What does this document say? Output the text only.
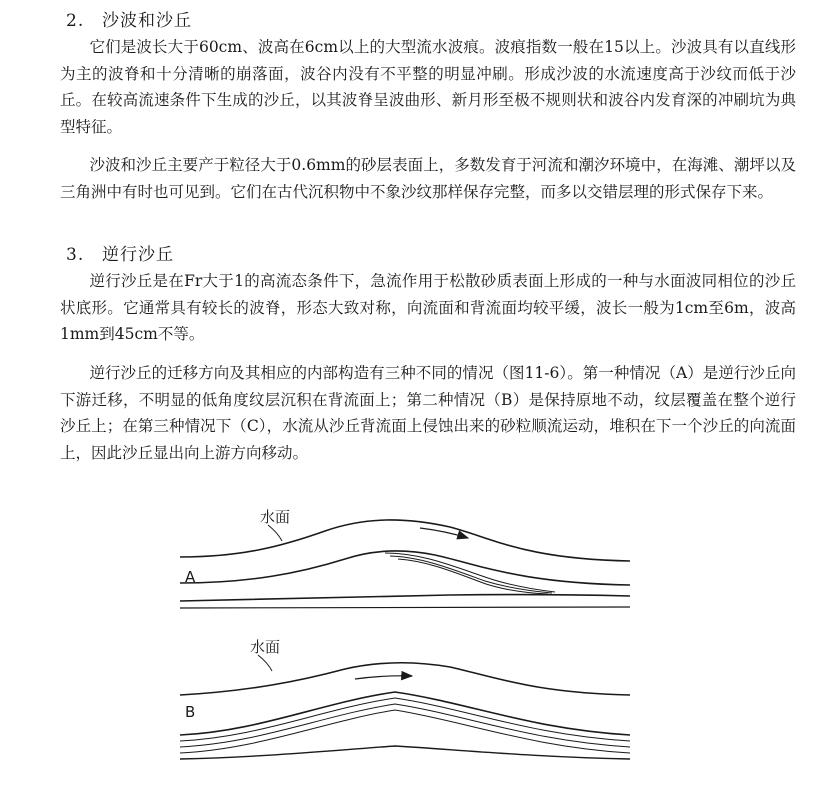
2. 沙波和沙丘

它们是波长大于60cm、波高在6cm以上的大型流水波痕。波痕指数一般在15以上。沙波具有以直线形为主的波脊和十分清晰的崩落面，波谷内没有不平整的明显冲刷。形成沙波的水流速度高于沙纹而低于沙丘。在较高流速条件下生成的沙丘，以其波脊呈波曲形、新月形至极不规则状和波谷内发育深的冲刷坑为典型特征。

沙波和沙丘主要产于粒径大于0.6mm的砂层表面上，多数发育于河流和潮汐环境中，在海滩、潮坪以及三角洲中有时也可见到。它们在古代沉积物中不象沙纹那样保存完整，而多以交错层理的形式保存下来。

3. 逆行沙丘

逆行沙丘是在Fr大于1的高流态条件下，急流作用于松散砂质表面上形成的一种与水面波同相位的沙丘状底形。它通常具有较长的波脊，形态大致对称，向流面和背流面均较平缓，波长一般为1cm至6m，波高1mm到45cm不等。

逆行沙丘的迁移方向及其相应的内部构造有三种不同的情况（图11-6）。第一种情况（A）是逆行沙丘向下游迁移，不明显的低角度纹层沉积在背流面上；第二种情况（B）是保持原地不动，纹层覆盖在整个逆行沙丘上；在第三种情况下（C），水流从沙丘背流面上侵蚀出来的砂粒顺流运动，堆积在下一个沙丘的向流面上，因此沙丘显出向上游方向移动。

水面
A
水面
B
